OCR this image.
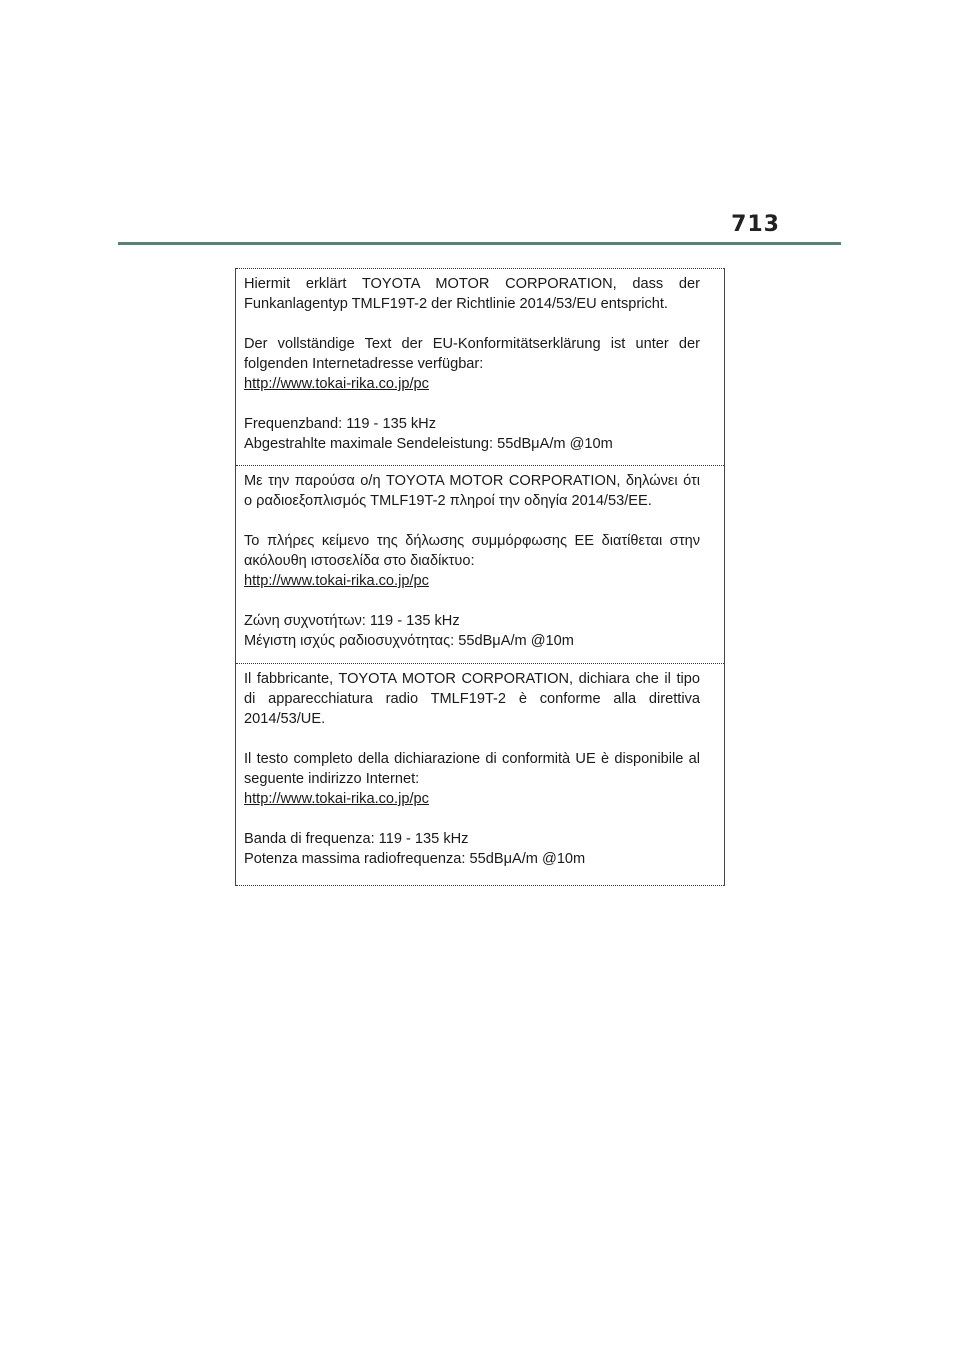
713

Hiermit erklärt TOYOTA MOTOR CORPORATION, dass der Funkanlagentyp TMLF19T-2 der Richtlinie 2014/53/EU entspricht.

Der vollständige Text der EU-Konformitätserklärung ist unter der folgenden Internetadresse verfügbar:
http://www.tokai-rika.co.jp/pc

Frequenzband: 119 - 135 kHz
Abgestrahlte maximale Sendeleistung: 55dBμA/m @10m

Με την παρούσα ο/η TOYOTA MOTOR CORPORATION, δηλώνει ότι ο ραδιοεξοπλισμός TMLF19T-2 πληροί την οδηγία 2014/53/ΕΕ.

Το πλήρες κείμενο της δήλωσης συμμόρφωσης ΕΕ διατίθεται στην ακόλουθη ιστοσελίδα στο διαδίκτυο:
http://www.tokai-rika.co.jp/pc

Ζώνη συχνοτήτων: 119 - 135 kHz
Μέγιστη ισχύς ραδιοσυχνότητας: 55dBμA/m @10m

Il fabbricante, TOYOTA MOTOR CORPORATION, dichiara che il tipo di apparecchiatura radio TMLF19T-2 è conforme alla direttiva 2014/53/UE.

Il testo completo della dichiarazione di conformità UE è disponibile al seguente indirizzo Internet:
http://www.tokai-rika.co.jp/pc

Banda di frequenza: 119 - 135 kHz
Potenza massima radiofrequenza: 55dBμA/m @10m
